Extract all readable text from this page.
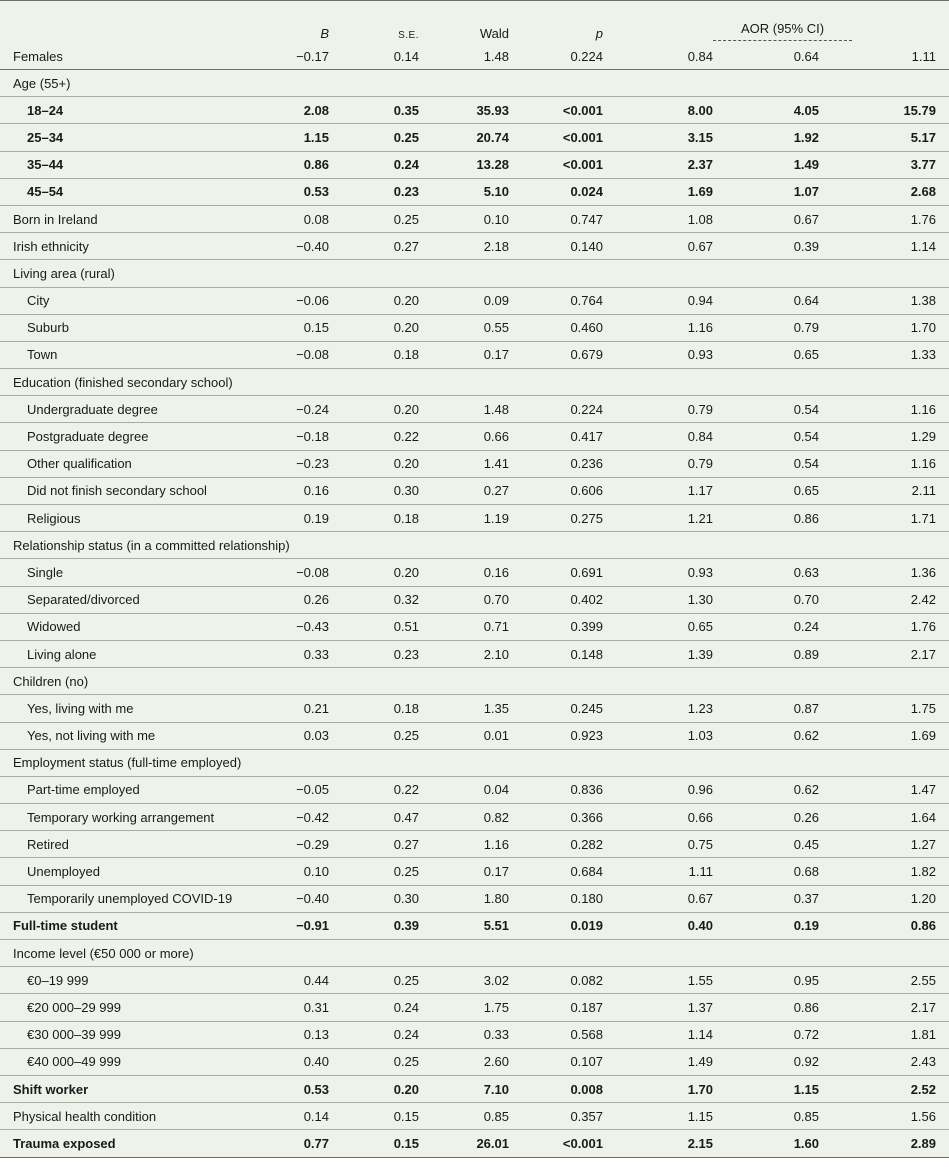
	B	S.E.	Wald	p	AOR (95% CI)		
Females	−0.17	0.14	1.48	0.224	0.84	0.64	1.11
Age (55+)							
18–24	2.08	0.35	35.93	<0.001	8.00	4.05	15.79
25–34	1.15	0.25	20.74	<0.001	3.15	1.92	5.17
35–44	0.86	0.24	13.28	<0.001	2.37	1.49	3.77
45–54	0.53	0.23	5.10	0.024	1.69	1.07	2.68
Born in Ireland	0.08	0.25	0.10	0.747	1.08	0.67	1.76
Irish ethnicity	−0.40	0.27	2.18	0.140	0.67	0.39	1.14
Living area (rural)							
City	−0.06	0.20	0.09	0.764	0.94	0.64	1.38
Suburb	0.15	0.20	0.55	0.460	1.16	0.79	1.70
Town	−0.08	0.18	0.17	0.679	0.93	0.65	1.33
Education (finished secondary school)							
Undergraduate degree	−0.24	0.20	1.48	0.224	0.79	0.54	1.16
Postgraduate degree	−0.18	0.22	0.66	0.417	0.84	0.54	1.29
Other qualification	−0.23	0.20	1.41	0.236	0.79	0.54	1.16
Did not finish secondary school	0.16	0.30	0.27	0.606	1.17	0.65	2.11
Religious	0.19	0.18	1.19	0.275	1.21	0.86	1.71
Relationship status (in a committed relationship)							
Single	−0.08	0.20	0.16	0.691	0.93	0.63	1.36
Separated/divorced	0.26	0.32	0.70	0.402	1.30	0.70	2.42
Widowed	−0.43	0.51	0.71	0.399	0.65	0.24	1.76
Living alone	0.33	0.23	2.10	0.148	1.39	0.89	2.17
Children (no)							
Yes, living with me	0.21	0.18	1.35	0.245	1.23	0.87	1.75
Yes, not living with me	0.03	0.25	0.01	0.923	1.03	0.62	1.69
Employment status (full-time employed)							
Part-time employed	−0.05	0.22	0.04	0.836	0.96	0.62	1.47
Temporary working arrangement	−0.42	0.47	0.82	0.366	0.66	0.26	1.64
Retired	−0.29	0.27	1.16	0.282	0.75	0.45	1.27
Unemployed	0.10	0.25	0.17	0.684	1.11	0.68	1.82
Temporarily unemployed COVID-19	−0.40	0.30	1.80	0.180	0.67	0.37	1.20
Full-time student	−0.91	0.39	5.51	0.019	0.40	0.19	0.86
Income level (€50 000 or more)							
€0–19 999	0.44	0.25	3.02	0.082	1.55	0.95	2.55
€20 000–29 999	0.31	0.24	1.75	0.187	1.37	0.86	2.17
€30 000–39 999	0.13	0.24	0.33	0.568	1.14	0.72	1.81
€40 000–49 999	0.40	0.25	2.60	0.107	1.49	0.92	2.43
Shift worker	0.53	0.20	7.10	0.008	1.70	1.15	2.52
Physical health condition	0.14	0.15	0.85	0.357	1.15	0.85	1.56
Trauma exposed	0.77	0.15	26.01	<0.001	2.15	1.60	2.89
